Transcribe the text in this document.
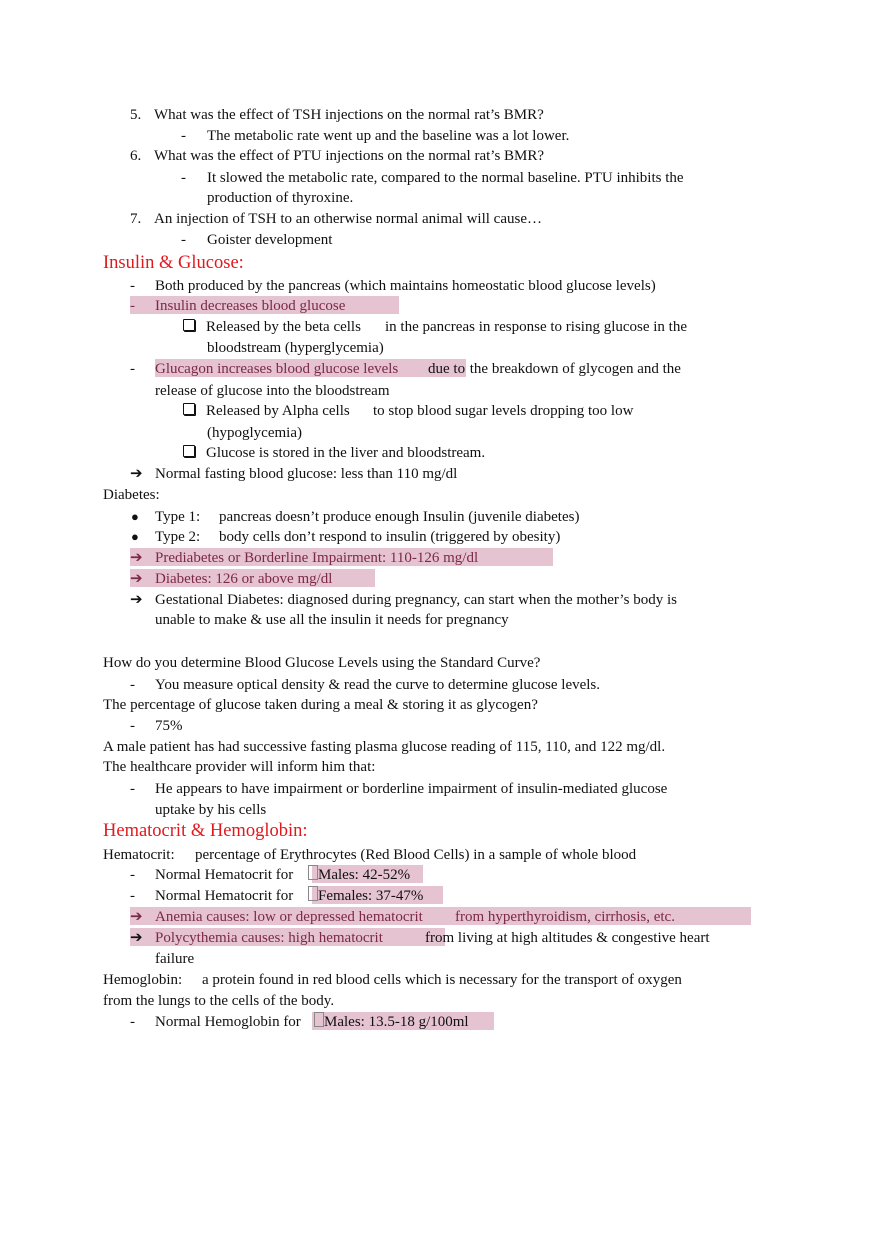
5. What was the effect of TSH injections on the normal rat’s BMR?
- The metabolic rate went up and the baseline was a lot lower.
6. What was the effect of PTU injections on the normal rat’s BMR?
- It slowed the metabolic rate, compared to the normal baseline. PTU inhibits the
production of thyroxine.
7. An injection of TSH to an otherwise normal animal will cause…
- Goister development
Insulin & Glucose:
- Both produced by the pancreas (which maintains homeostatic blood glucose levels)
- Insulin decreases blood glucose
Released by the beta cells in the pancreas in response to rising glucose in the
bloodstream (hyperglycemia)
- Glucagon increases blood glucose levels due to the breakdown of glycogen and the
release of glucose into the bloodstream
Released by Alpha cells to stop blood sugar levels dropping too low
(hypoglycemia)
Glucose is stored in the liver and bloodstream.
➔ Normal fasting blood glucose: less than 110 mg/dl
Diabetes:
● Type 1: pancreas doesn’t produce enough Insulin (juvenile diabetes)
● Type 2: body cells don’t respond to insulin (triggered by obesity)
➔ Prediabetes or Borderline Impairment: 110-126 mg/dl
➔ Diabetes: 126 or above mg/dl
➔ Gestational Diabetes: diagnosed during pregnancy, can start when the mother’s body is
unable to make & use all the insulin it needs for pregnancy
How do you determine Blood Glucose Levels using the Standard Curve?
- You measure optical density & read the curve to determine glucose levels.
The percentage of glucose taken during a meal & storing it as glycogen?
- 75%
A male patient has had successive fasting plasma glucose reading of 115, 110, and 122 mg/dl.
The healthcare provider will inform him that:
- He appears to have impairment or borderline impairment of insulin-mediated glucose
uptake by his cells
Hematocrit & Hemoglobin:
Hematocrit: percentage of Erythrocytes (Red Blood Cells) in a sample of whole blood
- Normal Hematocrit for Males: 42-52%
- Normal Hematocrit for Females: 37-47%
➔ Anemia causes: low or depressed hematocrit from hyperthyroidism, cirrhosis, etc.
➔ Polycythemia causes: high hematocrit	from living at high altitudes & congestive heart
failure
Hemoglobin: a protein found in red blood cells which is necessary for the transport of oxygen
from the lungs to the cells of the body.
- Normal Hemoglobin for Males: 13.5-18 g/100ml
